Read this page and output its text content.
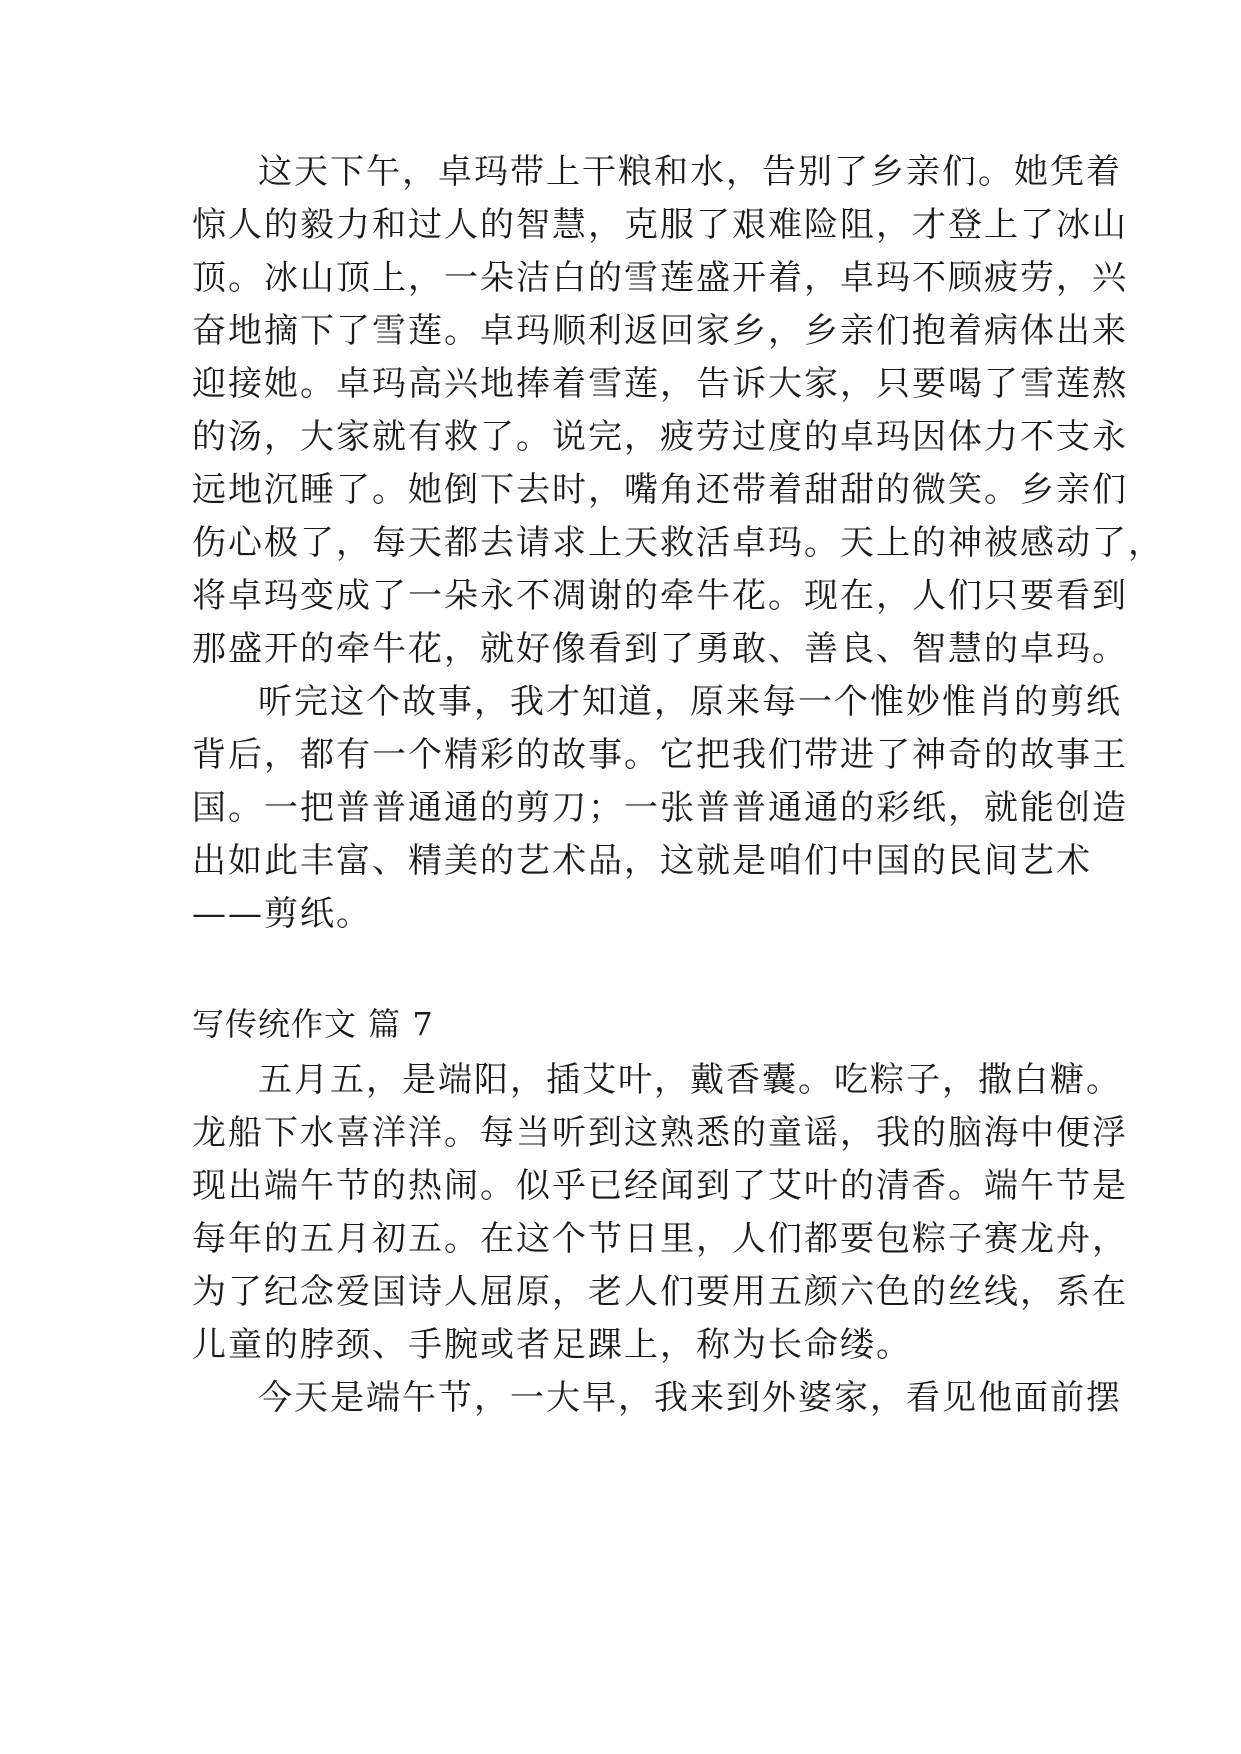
这天下午，卓玛带上干粮和水，告别了乡亲们。她凭着
惊人的毅力和过人的智慧，克服了艰难险阻，才登上了冰山
顶。冰山顶上，一朵洁白的雪莲盛开着，卓玛不顾疲劳，兴
奋地摘下了雪莲。卓玛顺利返回家乡，乡亲们抱着病体出来
迎接她。卓玛高兴地捧着雪莲，告诉大家，只要喝了雪莲熬
的汤，大家就有救了。说完，疲劳过度的卓玛因体力不支永
远地沉睡了。她倒下去时，嘴角还带着甜甜的微笑。乡亲们
伤心极了，每天都去请求上天救活卓玛。天上的神被感动了，
将卓玛变成了一朵永不凋谢的牵牛花。现在，人们只要看到
那盛开的牵牛花，就好像看到了勇敢、善良、智慧的卓玛。
听完这个故事，我才知道，原来每一个惟妙惟肖的剪纸
背后，都有一个精彩的故事。它把我们带进了神奇的故事王
国。一把普普通通的剪刀；一张普普通通的彩纸，就能创造
出如此丰富、精美的艺术品，这就是咱们中国的民间艺术
——剪纸。
写传统作文 篇 7
五月五，是端阳，插艾叶，戴香囊。吃粽子，撒白糖。
龙船下水喜洋洋。每当听到这熟悉的童谣，我的脑海中便浮
现出端午节的热闹。似乎已经闻到了艾叶的清香。端午节是
每年的五月初五。在这个节日里，人们都要包粽子赛龙舟，
为了纪念爱国诗人屈原，老人们要用五颜六色的丝线，系在
儿童的脖颈、手腕或者足踝上，称为长命缕。
今天是端午节，一大早，我来到外婆家，看见他面前摆
